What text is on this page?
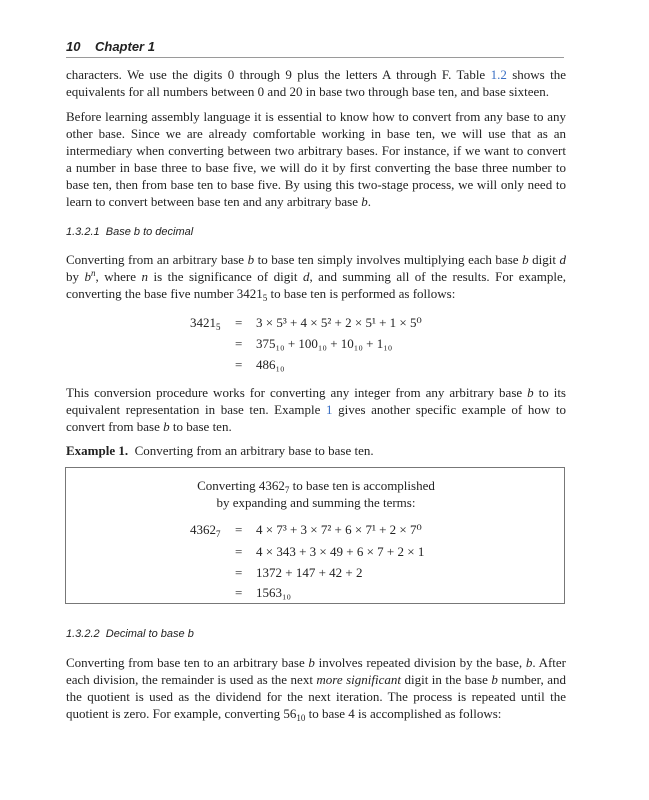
10 Chapter 1

characters. We use the digits 0 through 9 plus the letters A through F. Table 1.2 shows the equivalents for all numbers between 0 and 20 in base two through base ten, and base sixteen.

Before learning assembly language it is essential to know how to convert from any base to any other base. Since we are already comfortable working in base ten, we will use that as an intermediary when converting between two arbitrary bases. For instance, if we want to convert a number in base three to base five, we will do it by first converting the base three number to base ten, then from base ten to base five. By using this two-stage process, we will only need to learn to convert between base ten and any arbitrary base b.

1.3.2.1 Base b to decimal

Converting from an arbitrary base b to base ten simply involves multiplying each base b digit d by $b^n$, where n is the significance of digit d, and summing all of the results. For example, converting the base five number $3421_5$ to base ten is performed as follows:

$3421_5 = 3 \times 5^3 + 4 \times 5^2 + 2 \times 5^1 + 1 \times 5^0$
= 375₁₀ + 100₁₀ + 10₁₀ + 1₁₀
= 486₁₀

This conversion procedure works for converting any integer from any arbitrary base b to its equivalent representation in base ten. Example 1 gives another specific example of how to convert from base b to base ten.

Example 1. Converting from an arbitrary base to base ten.
Converting $4362_7$ to base ten is accomplished
by expanding and summing the terms:
$4362_7 = 4 \times 7^3 + 3 \times 7^2 + 6 \times 7^1 + 2 \times 7^0$
= 4 × 343 + 3 × 49 + 6 × 7 + 2 × 1
= 1372 + 147 + 42 + 2
= 1563₁₀
1.3.2.2 Decimal to base b

Converting from base ten to an arbitrary base b involves repeated division by the base, b. After each division, the remainder is used as the next more significant digit in the base b number, and the quotient is used as the dividend for the next iteration. The process is repeated until the quotient is zero. For example, converting $56_{10}$ to base 4 is accomplished as follows:
